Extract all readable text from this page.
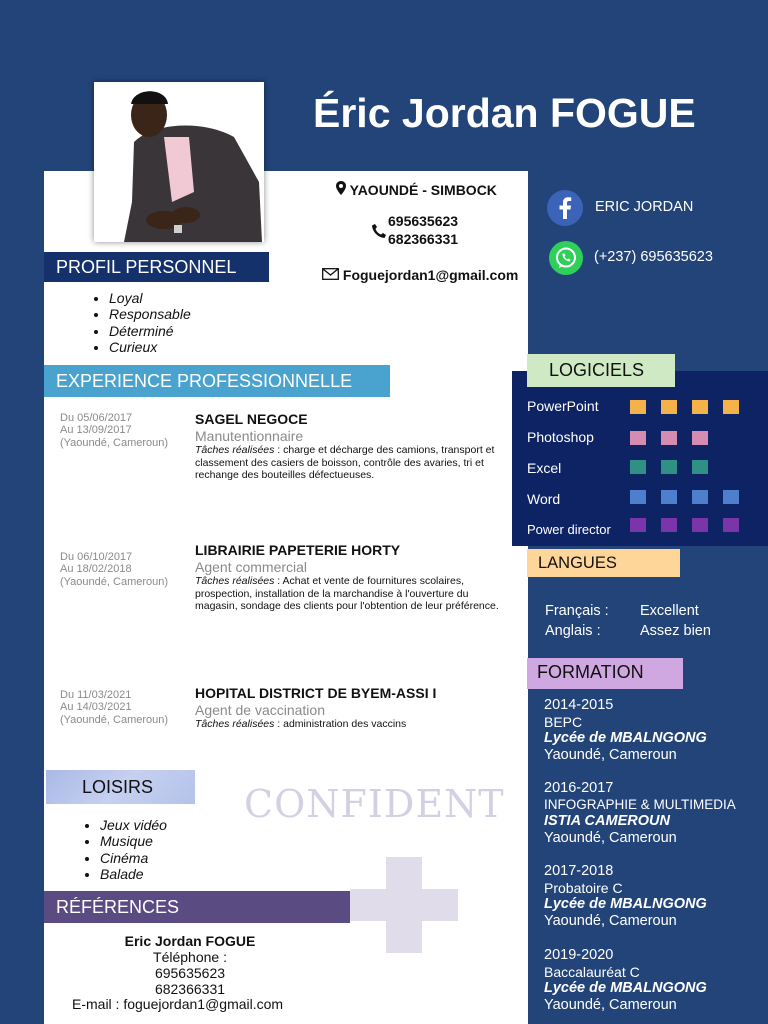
Éric Jordan FOGUE
YAOUNDÉ - SIMBOCK
695635623
682366331
Foguejordan1@gmail.com
PROFIL PERSONNEL
• Loyal
• Responsable
• Déterminé
• Curieux
EXPERIENCE PROFESSIONNELLE
Du 05/06/2017
Au 13/09/2017
(Yaoundé, Cameroun)
SAGEL NEGOCE
Manutentionnaire
Tâches réalisées : charge et décharge des camions, transport et classement des casiers de boisson, contrôle des avaries, tri et rechange des bouteilles défectueuses.
Du 06/10/2017
Au 18/02/2018
(Yaoundé, Cameroun)
LIBRAIRIE PAPETERIE HORTY
Agent commercial
Tâches réalisées : Achat et vente de fournitures scolaires, prospection, installation de la marchandise à l'ouverture du magasin, sondage des clients pour l'obtention de leur préférence.
Du 11/03/2021
Au 14/03/2021
(Yaoundé, Cameroun)
HOPITAL DISTRICT DE BYEM-ASSI I
Agent de vaccination
Tâches réalisées : administration des vaccins
LOISIRS
• Jeux vidéo
• Musique
• Cinéma
• Balade
CONFIDENT
RÉFÉRENCES
Eric Jordan FOGUE
Téléphone :
695635623
682366331
E-mail : foguejordan1@gmail.com
ERIC JORDAN
(+237) 695635623
LOGICIELS
PowerPoint
Photoshop
Excel
Word
Power director
LANGUES
Français : Excellent
Anglais :	Assez bien
FORMATION
2014-2015
BEPC
Lycée de MBALNGONG
Yaoundé, Cameroun
2016-2017
INFOGRAPHIE & MULTIMEDIA
ISTIA CAMEROUN
Yaoundé, Cameroun
2017-2018
Probatoire C
Lycée de MBALNGONG
Yaoundé, Cameroun
2019-2020
Baccalauréat C
Lycée de MBALNGONG
Yaoundé, Cameroun
